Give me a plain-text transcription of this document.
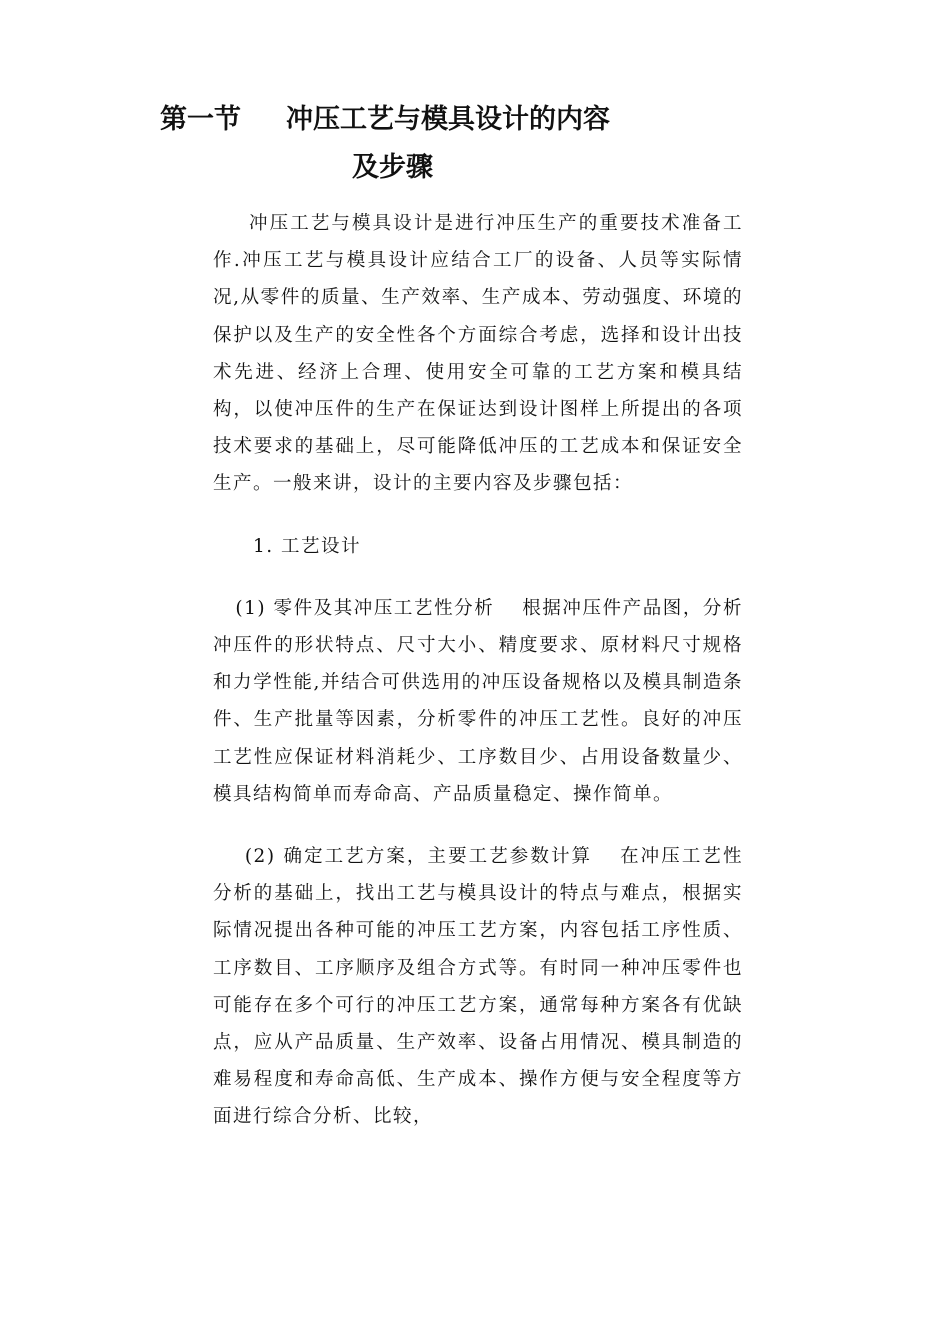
第一节 冲压工艺与模具设计的内容
及步骤

冲压工艺与模具设计是进行冲压生产的重要技术准备工作.冲压工艺与模具设计应结合工厂的设备、人员等实际情况,从零件的质量、生产效率、生产成本、劳动强度、环境的保护以及生产的安全性各个方面综合考虑，选择和设计出技术先进、经济上合理、使用安全可靠的工艺方案和模具结构，以使冲压件的生产在保证达到设计图样上所提出的各项技术要求的基础上，尽可能降低冲压的工艺成本和保证安全生产。一般来讲，设计的主要内容及步骤包括：

1. 工艺设计

(1) 零件及其冲压工艺性分析 根据冲压件产品图，分析冲压件的形状特点、尺寸大小、精度要求、原材料尺寸规格和力学性能,并结合可供选用的冲压设备规格以及模具制造条件、生产批量等因素，分析零件的冲压工艺性。良好的冲压工艺性应保证材料消耗少、工序数目少、占用设备数量少、模具结构简单而寿命高、产品质量稳定、操作简单。

(2) 确定工艺方案，主要工艺参数计算 在冲压工艺性分析的基础上，找出工艺与模具设计的特点与难点，根据实际情况提出各种可能的冲压工艺方案，内容包括工序性质、工序数目、工序顺序及组合方式等。有时同一种冲压零件也可能存在多个可行的冲压工艺方案，通常每种方案各有优缺点，应从产品质量、生产效率、设备占用情况、模具制造的难易程度和寿命高低、生产成本、操作方便与安全程度等方面进行综合分析、比较，
